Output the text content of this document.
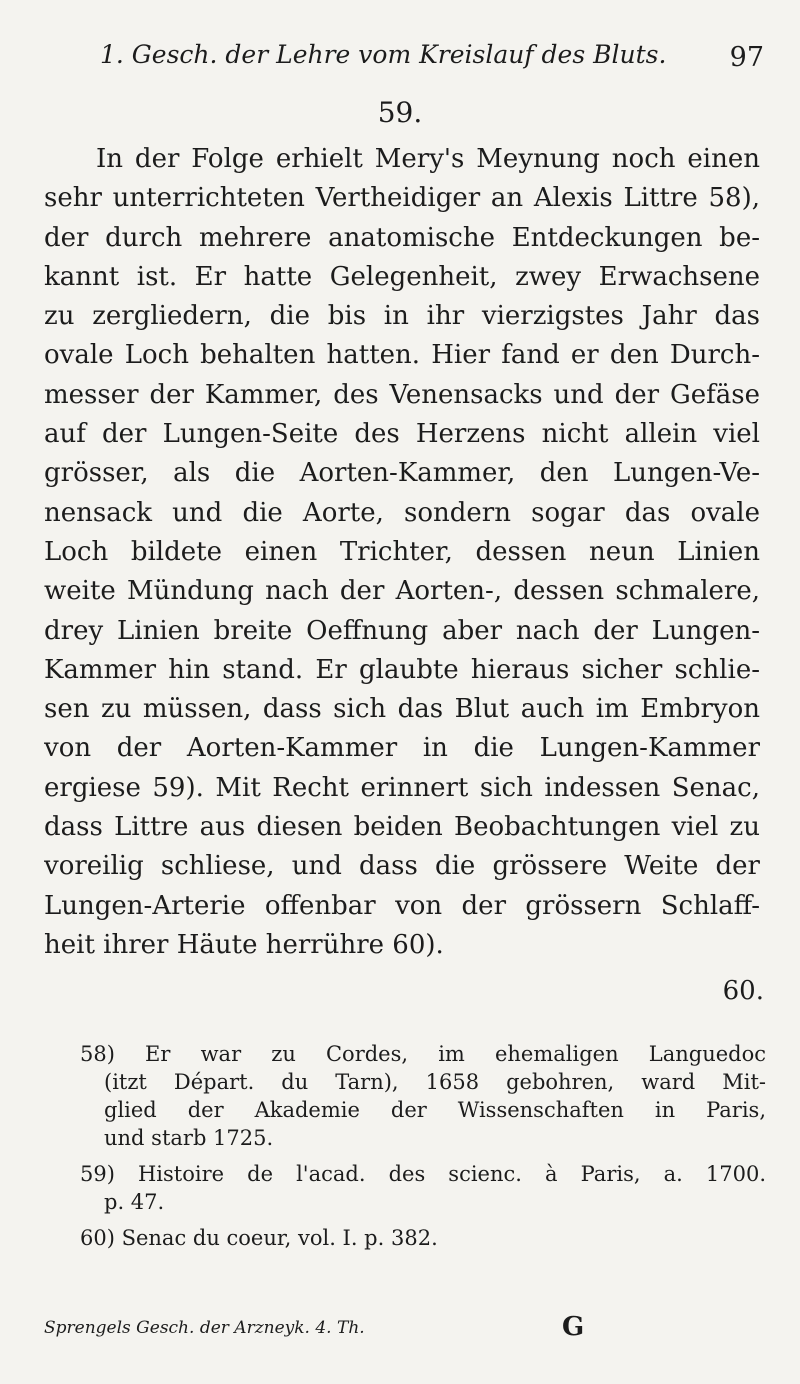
1. Gesch. der Lehre vom Kreislauf des Bluts. 97
59.
In der Folge erhielt Mery's Meynung noch einen
sehr unterrichteten Vertheidiger an Alexis Littre 58),
der durch mehrere anatomische Entdeckungen be-
kannt ist. Er hatte Gelegenheit, zwey Erwachsene
zu zergliedern, die bis in ihr vierzigstes Jahr das
ovale Loch behalten hatten. Hier fand er den Durch-
messer der Kammer, des Venensacks und der Gefäse
auf der Lungen-Seite des Herzens nicht allein viel
grösser, als die Aorten-Kammer, den Lungen-Ve-
nensack und die Aorte, sondern sogar das ovale
Loch bildete einen Trichter, dessen neun Linien
weite Mündung nach der Aorten-, dessen schmalere,
drey Linien breite Oeffnung aber nach der Lungen-
Kammer hin stand. Er glaubte hieraus sicher schlie-
sen zu müssen, dass sich das Blut auch im Embryon
von der Aorten-Kammer in die Lungen-Kammer
ergiese 59). Mit Recht erinnert sich indessen Senac,
dass Littre aus diesen beiden Beobachtungen viel zu
voreilig schliese, und dass die grössere Weite der
Lungen-Arterie offenbar von der grössern Schlaff-
heit ihrer Häute herrühre 60).
60.
58) Er war zu Cordes, im ehemaligen Languedoc
(itzt Départ. du Tarn), 1658 gebohren, ward Mit-
glied der Akademie der Wissenschaften in Paris,
und starb 1725.
59) Histoire de l'acad. des scienc. à Paris, a. 1700.
p. 47.
60) Senac du coeur, vol. I. p. 382.
Sprengels Gesch. der Arzneyk. 4. Th.	G
